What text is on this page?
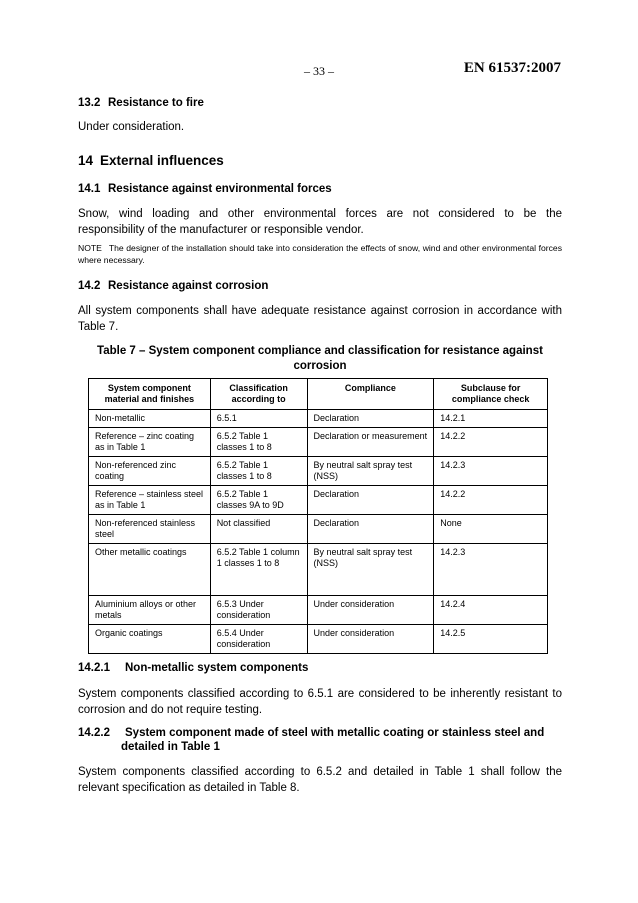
– 33 –	EN 61537:2007
13.2 Resistance to fire
Under consideration.
14 External influences
14.1 Resistance against environmental forces
Snow, wind loading and other environmental forces are not considered to be the
responsibility of the manufacturer or responsible vendor.
NOTE The designer of the installation should take into consideration the effects of snow, wind and other environmental forces where necessary.
14.2 Resistance against corrosion
All system components shall have adequate resistance against corrosion in accordance with Table 7.
Table 7 – System component compliance and classification for resistance against
corrosion
System component material and finishes	Classification according to	Compliance	Subclause for compliance check
Non-metallic	6.5.1	Declaration	14.2.1
Reference – zinc coating as in Table 1	6.5.2 Table 1 classes 1 to 8	Declaration or measurement	14.2.2
Non-referenced zinc coating	6.5.2 Table 1 classes 1 to 8	By neutral salt spray test (NSS)	14.2.3
Reference – stainless steel as in Table 1	6.5.2 Table 1 classes 9A to 9D	Declaration	14.2.2
Non-referenced stainless steel	Not classified	Declaration	None
Other metallic coatings	6.5.2 Table 1 column 1 classes 1 to 8	By neutral salt spray test (NSS)	14.2.3
Aluminium alloys or other metals	6.5.3 Under consideration	Under consideration	14.2.4
Organic coatings	6.5.4 Under consideration	Under consideration	14.2.5
14.2.1 Non-metallic system components
System components classified according to 6.5.1 are considered to be inherently resistant to corrosion and do not require testing.
14.2.2 System component made of steel with metallic coating or stainless steel and
detailed in Table 1
System components classified according to 6.5.2 and detailed in Table 1 shall follow the
relevant specification as detailed in Table 8.
